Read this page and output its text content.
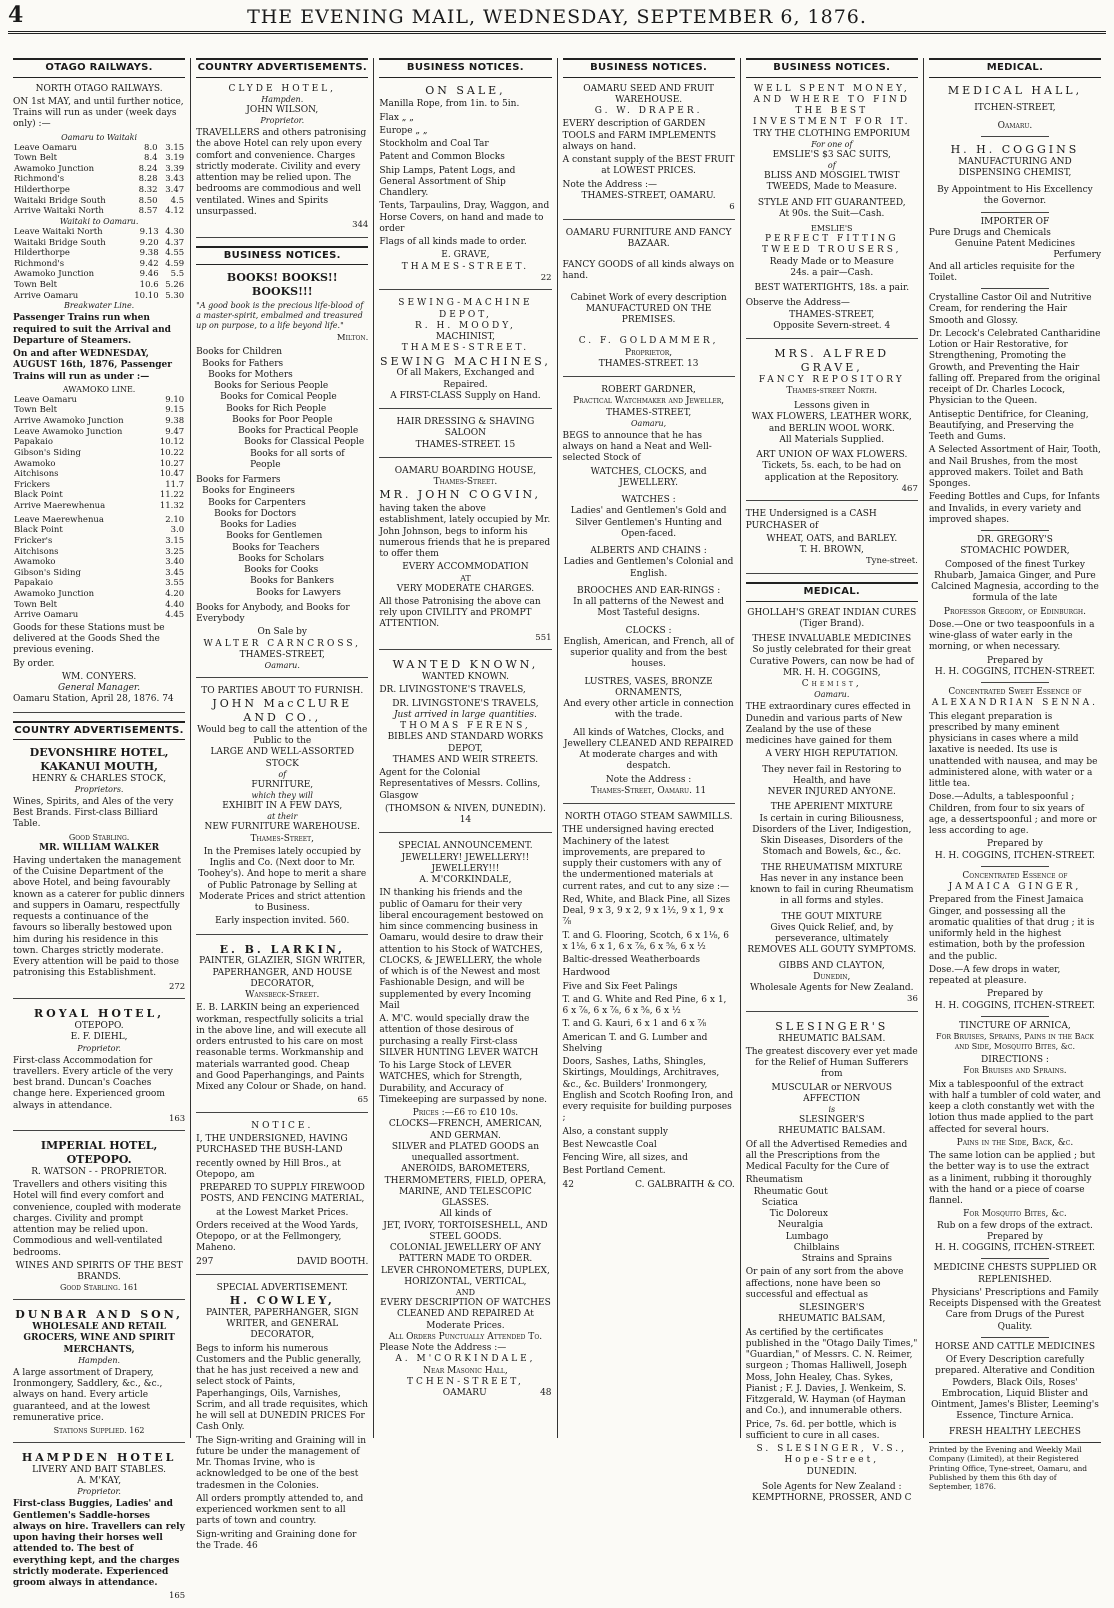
4	THE EVENING MAIL, WEDNESDAY, SEPTEMBER 6, 1876.
OTAGO RAILWAYS.
NORTH OTAGO RAILWAYS.
ON 1st MAY, and until further notice, Trains will run as under (week days only) :—
Oamaru to Waitaki
Leave Oamaru	8.0	3.15
Town Belt	8.4	3.19
Awamoko Junction	8.24	3.39
Richmond's	8.28	3.43
Hilderthorpe	8.32	3.47
Waitaki Bridge South	8.50	4.5
Arrive Waitaki North	8.57	4.12
Waitaki to Oamaru.
Leave Waitaki North	9.13	4.30
Waitaki Bridge South	9.20	4.37
Hilderthorpe	9.38	4.55
Richmond's	9.42	4.59
Awamoko Junction	9.46	5.5
Town Belt	10.6	5.26
Arrive Oamaru	10.10	5.30
Breakwater Line.
Passenger Trains run when required to suit the Arrival and Departure of Steamers.
On and after WEDNESDAY, AUGUST 16th, 1876, Passenger Trains will run as under :—
AWAMOKO LINE.
Leave Oamaru	9.10
Town Belt	9.15
Arrive Awamoko Junction	9.38
Leave Awamoko Junction	9.47
Papakaio	10.12
Gibson's Siding	10.22
Awamoko	10.27
Aitchisons	10.47
Frickers	11.7
Black Point	11.22
Arrive Maerewhenua	11.32
Leave Maerewhenua	2.10
Black Point	3.0
Fricker's	3.15
Aitchisons	3.25
Awamoko	3.40
Gibson's Siding	3.45
Papakaio	3.55
Awamoko Junction	4.20
Town Belt	4.40
Arrive Oamaru	4.45
Goods for these Stations must be delivered at the Goods Shed the previous evening.
By order.
WM. CONYERS.
General Manager.
Oamaru Station, April 28, 1876. 74
COUNTRY ADVERTISEMENTS.
DEVONSHIRE HOTEL, KAKANUI MOUTH,
HENRY & CHARLES STOCK,
Proprietors.
Wines, Spirits, and Ales of the very Best Brands. First-class Billiard Table.
Good Stabling.
MR. WILLIAM WALKER
Having undertaken the management of the Cuisine Department of the above Hotel, and being favourably known as a caterer for public dinners and suppers in Oamaru, respectfully requests a continuance of the favours so liberally bestowed upon him during his residence in this town. Charges strictly moderate. Every attention will be paid to those patronising this Establishment.
272
ROYAL HOTEL,
OTEPOPO.
E. F. DIEHL,
Proprietor.
First-class Accommodation for travellers. Every article of the very best brand. Duncan's Coaches change here. Experienced groom always in attendance.
163
IMPERIAL HOTEL, OTEPOPO.
R. WATSON - - PROPRIETOR.
Travellers and others visiting this Hotel will find every comfort and convenience, coupled with moderate charges. Civility and prompt attention may be relied upon. Commodious and well-ventilated bedrooms.
WINES AND SPIRITS OF THE BEST BRANDS.
Good Stabling. 161
DUNBAR AND SON,
WHOLESALE AND RETAIL GROCERS, WINE AND SPIRIT MERCHANTS,
Hampden.
A large assortment of Drapery, Ironmongery, Saddlery, &c., &c., always on hand. Every article guaranteed, and at the lowest remunerative price.
Stations Supplied. 162
HAMPDEN HOTEL
LIVERY AND BAIT STABLES.
A. M'KAY,
Proprietor.
First-class Buggies, Ladies' and Gentlemen's Saddle-horses always on hire. Travellers can rely upon having their horses well attended to. The best of everything kept, and the charges strictly moderate. Experienced groom always in attendance.
165
COUNTRY ADVERTISEMENTS.
CLYDE HOTEL,
Hampden.
JOHN WILSON,
Proprietor.
TRAVELLERS and others patronising the above Hotel can rely upon every comfort and convenience. Charges strictly moderate. Civility and every attention may be relied upon. The bedrooms are commodious and well ventilated. Wines and Spirits unsurpassed.
344
BUSINESS NOTICES.
BOOKS! BOOKS!! BOOKS!!!
"A good book is the precious life-blood of a master-spirit, embalmed and treasured up on purpose, to a life beyond life."
Milton.
Books for Children
Books for Fathers
Books for Mothers
Books for Serious People
Books for Comical People
Books for Rich People
Books for Poor People
Books for Practical People
Books for Classical People
Books for all sorts of People
Books for Farmers
Books for Engineers
Books for Carpenters
Books for Doctors
Books for Ladies
Books for Gentlemen
Books for Teachers
Books for Scholars
Books for Cooks
Books for Bankers
Books for Lawyers
Books for Anybody, and Books for Everybody
On Sale by
WALTER CARNCROSS,
THAMES-STREET,
Oamaru.
TO PARTIES ABOUT TO FURNISH.
JOHN MacCLURE AND CO.,
Would beg to call the attention of the Public to the
LARGE AND WELL-ASSORTED STOCK
of
FURNITURE,
which they will
EXHIBIT IN A FEW DAYS,
at their
NEW FURNITURE WAREHOUSE.
Thames-Street,
In the Premises lately occupied by Inglis and Co. (Next door to Mr. Toohey's). And hope to merit a share of Public Patronage by Selling at Moderate Prices and strict attention to Business.
Early inspection invited. 560.
E. B. LARKIN,
PAINTER, GLAZIER, SIGN WRITER, PAPERHANGER, AND HOUSE DECORATOR,
Wansbeck-Street.
E. B. LARKIN being an experienced workman, respectfully solicits a trial in the above line, and will execute all orders entrusted to his care on most reasonable terms. Workmanship and materials warranted good. Cheap and Good Paperhangings, and Paints Mixed any Colour or Shade, on hand.
65
NOTICE.
I, THE UNDERSIGNED, HAVING PURCHASED THE BUSH-LAND
recently owned by Hill Bros., at Otepopo, am
PREPARED TO SUPPLY FIREWOOD POSTS, AND FENCING MATERIAL,
at the Lowest Market Prices.
Orders received at the Wood Yards, Otepopo, or at the Fellmongery, Maheno.
297	DAVID BOOTH.
SPECIAL ADVERTISEMENT.
H. COWLEY,
PAINTER, PAPERHANGER, SIGN WRITER, and GENERAL DECORATOR,
Begs to inform his numerous Customers and the Public generally, that he has just received a new and select stock of Paints, Paperhangings, Oils, Varnishes, Scrim, and all trade requisites, which he will sell at DUNEDIN PRICES For Cash Only.
The Sign-writing and Graining will in future be under the management of Mr. Thomas Irvine, who is acknowledged to be one of the best tradesmen in the Colonies.
All orders promptly attended to, and experienced workmen sent to all parts of town and country.
Sign-writing and Graining done for the Trade. 46
BUSINESS NOTICES.
ON SALE,
Manilla Rope, from 1in. to 5in.
Flax „ „
Europe „ „
Stockholm and Coal Tar
Patent and Common Blocks
Ship Lamps, Patent Logs, and General Assortment of Ship Chandlery.
Tents, Tarpaulins, Dray, Waggon, and Horse Covers, on hand and made to order
Flags of all kinds made to order.
E. GRAVE,
THAMES-STREET.
22
SEWING-MACHINE DEPOT,
R. H. MOODY,
MACHINIST,
THAMES-STREET.
SEWING MACHINES,
Of all Makers, Exchanged and Repaired.
A FIRST-CLASS Supply on Hand.
HAIR DRESSING & SHAVING SALOON
THAMES-STREET. 15
OAMARU BOARDING HOUSE,
Thames-Street.
MR. JOHN COGVIN,
having taken the above establishment, lately occupied by Mr. John Johnson, begs to inform his numerous friends that he is prepared to offer them
EVERY ACCOMMODATION
AT
VERY MODERATE CHARGES.
All those Patronising the above can rely upon CIVILITY and PROMPT ATTENTION.
551
WANTED KNOWN,
WANTED KNOWN.
DR. LIVINGSTONE'S TRAVELS,
DR. LIVINGSTONE'S TRAVELS,
Just arrived in large quantities.
THOMAS FERENS,
BIBLES AND STANDARD WORKS DEPOT,
THAMES AND WEIR STREETS.
Agent for the Colonial Representatives of Messrs. Collins, Glasgow
(THOMSON & NIVEN, DUNEDIN). 14
SPECIAL ANNOUNCEMENT.
JEWELLERY! JEWELLERY!! JEWELLERY!!!
A. M'CORKINDALE,
IN thanking his friends and the public of Oamaru for their very liberal encouragement bestowed on him since commencing business in Oamaru, would desire to draw their attention to his Stock of WATCHES, CLOCKS, & JEWELLERY, the whole of which is of the Newest and most Fashionable Design, and will be supplemented by every Incoming Mail
A. M'C. would specially draw the attention of those desirous of purchasing a really First-class SILVER HUNTING LEVER WATCH
To his Large Stock of LEVER WATCHES, which for Strength, Durability, and Accuracy of Timekeeping are surpassed by none.
Prices :—£6 to £10 10s.
CLOCKS—FRENCH, AMERICAN, AND GERMAN.
SILVER and PLATED GOODS an unequalled assortment.
ANEROIDS, BAROMETERS, THERMOMETERS, FIELD, OPERA, MARINE, AND TELESCOPIC GLASSES.
All kinds of
JET, IVORY, TORTOISESHELL, AND STEEL GOODS.
COLONIAL JEWELLERY OF ANY PATTERN MADE TO ORDER.
LEVER CHRONOMETERS, DUPLEX, HORIZONTAL, VERTICAL,
AND
EVERY DESCRIPTION OF WATCHES CLEANED AND REPAIRED At Moderate Prices.
All Orders Punctually Attended To.
Please Note the Address :—
A. M'CORKINDALE,
Near Masonic Hall,
TCHEN-STREET,
OAMARU	48
BUSINESS NOTICES.
OAMARU SEED AND FRUIT WAREHOUSE.
G. W. DRAPER.
EVERY description of GARDEN TOOLS and FARM IMPLEMENTS always on hand.
A constant supply of the BEST FRUIT at LOWEST PRICES.
Note the Address :—
THAMES-STREET, OAMARU.
6
OAMARU FURNITURE AND FANCY BAZAAR.
FANCY GOODS of all kinds always on hand.
Cabinet Work of every description
MANUFACTURED ON THE PREMISES.
C. F. GOLDAMMER,
Proprietor,
THAMES-STREET. 13
ROBERT GARDNER,
Practical Watchmaker and Jeweller,
THAMES-STREET,
Oamaru,
BEGS to announce that he has always on hand a Neat and Well-selected Stock of
WATCHES, CLOCKS, and JEWELLERY.
WATCHES :
Ladies' and Gentlemen's Gold and Silver Gentlemen's Hunting and Open-faced.
ALBERTS AND CHAINS :
Ladies and Gentlemen's Colonial and English.
BROOCHES AND EAR-RINGS :
In all patterns of the Newest and Most Tasteful designs.
CLOCKS :
English, American, and French, all of superior quality and from the best houses.
LUSTRES, VASES, BRONZE ORNAMENTS,
And every other article in connection with the trade.
All kinds of Watches, Clocks, and Jewellery CLEANED AND REPAIRED At moderate charges and with despatch.
Note the Address :
Thames-Street, Oamaru. 11
NORTH OTAGO STEAM SAWMILLS.
THE undersigned having erected Machinery of the latest improvements, are prepared to supply their customers with any of the undermentioned materials at current rates, and cut to any size :—
Red, White, and Black Pine, all Sizes Deal, 9 x 3, 9 x 2, 9 x 1½, 9 x 1, 9 x ⅞
T. and G. Flooring, Scotch, 6 x 1⅛, 6 x 1⅛, 6 x 1, 6 x ⅞, 6 x ⅝, 6 x ½
Baltic-dressed Weatherboards
Hardwood
Five and Six Feet Palings
T. and G. White and Red Pine, 6 x 1, 6 x ⅞, 6 x ⅞, 6 x ⅝, 6 x ½
T. and G. Kauri, 6 x 1 and 6 x ⅞
American T. and G. Lumber and Shelving
Doors, Sashes, Laths, Shingles, Skirtings, Mouldings, Architraves, &c., &c. Builders' Ironmongery, English and Scotch Roofing Iron, and every requisite for building purposes ;
Also, a constant supply
Best Newcastle Coal
Fencing Wire, all sizes, and
Best Portland Cement.
42	C. GALBRAITH & CO.
BUSINESS NOTICES.
WELL SPENT MONEY, AND WHERE TO FIND THE BEST INVESTMENT FOR IT.
TRY THE CLOTHING EMPORIUM
For one of
EMSLIE'S $3 SAC SUITS,
of
BLISS AND MOSGIEL TWIST TWEEDS, Made to Measure.
STYLE AND FIT GUARANTEED,
At 90s. the Suit—Cash.
EMSLIE'S
PERFECT FITTING TWEED TROUSERS,
Ready Made or to Measure
24s. a pair—Cash.
BEST WATERTIGHTS, 18s. a pair.
Observe the Address—
THAMES-STREET,
Opposite Severn-street. 4
MRS. ALFRED GRAVE,
FANCY REPOSITORY
Thames-street North.
Lessons given in
WAX FLOWERS, LEATHER WORK, and BERLIN WOOL WORK.
All Materials Supplied.
ART UNION OF WAX FLOWERS.
Tickets, 5s. each, to be had on application at the Repository.
467
THE Undersigned is a CASH PURCHASER of
WHEAT, OATS, and BARLEY.
T. H. BROWN,
Tyne-street.
MEDICAL.
GHOLLAH'S GREAT INDIAN CURES
(Tiger Brand).
THESE INVALUABLE MEDICINES
So justly celebrated for their great Curative Powers, can now be had of
MR. H. H. COGGINS,
Chemist,
Oamaru.
THE extraordinary cures effected in Dunedin and various parts of New Zealand by the use of these medicines have gained for them
A VERY HIGH REPUTATION.
They never fail in Restoring to Health, and have
NEVER INJURED ANYONE.
THE APERIENT MIXTURE
Is certain in curing Biliousness, Disorders of the Liver, Indigestion, Skin Diseases, Disorders of the Stomach and Bowels, &c., &c.
THE RHEUMATISM MIXTURE
Has never in any instance been known to fail in curing Rheumatism in all forms and styles.
THE GOUT MIXTURE
Gives Quick Relief, and, by perseverance, ultimately
REMOVES ALL GOUTY SYMPTOMS.
GIBBS AND CLAYTON,
Dunedin,
Wholesale Agents for New Zealand.
36
SLESINGER'S
RHEUMATIC BALSAM.
The greatest discovery ever yet made for the Relief of Human Sufferers from
MUSCULAR or NERVOUS AFFECTION
is
SLESINGER'S
RHEUMATIC BALSAM.
Of all the Advertised Remedies and all the Prescriptions from the Medical Faculty for the Cure of
Rheumatism
Rheumatic Gout
Sciatica
Tic Doloreux
Neuralgia
Lumbago
Chilblains
Strains and Sprains
Or pain of any sort from the above affections, none have been so successful and effectual as
SLESINGER'S
RHEUMATIC BALSAM,
As certified by the certificates published in the "Otago Daily Times," "Guardian," of Messrs. C. N. Reimer, surgeon ; Thomas Halliwell, Joseph Moss, John Healey, Chas. Sykes, Pianist ; F. J. Davies, J. Wenkeim, S. Fitzgerald, W. Hayman (of Hayman and Co.), and innumerable others.
Price, 7s. 6d. per bottle, which is sufficient to cure in all cases.
S. SLESINGER, V.S.,
Hope-Street,
DUNEDIN.
Sole Agents for New Zealand :
KEMPTHORNE, PROSSER, AND C
MEDICAL.
MEDICAL HALL,
ITCHEN-STREET,
Oamaru.
H. H. COGGINS
MANUFACTURING AND DISPENSING CHEMIST,
By Appointment to His Excellency the Governor.
IMPORTER OF
Pure Drugs and Chemicals
Genuine Patent Medicines
Perfumery
And all articles requisite for the Toilet.
Crystalline Castor Oil and Nutritive Cream, for rendering the Hair Smooth and Glossy.
Dr. Lecock's Celebrated Cantharidine Lotion or Hair Restorative, for Strengthening, Promoting the Growth, and Preventing the Hair falling off. Prepared from the original receipt of Dr. Charles Locock, Physician to the Queen.
Antiseptic Dentifrice, for Cleaning, Beautifying, and Preserving the Teeth and Gums.
A Selected Assortment of Hair, Tooth, and Nail Brushes, from the most approved makers. Toilet and Bath Sponges.
Feeding Bottles and Cups, for Infants and Invalids, in every variety and improved shapes.
DR. GREGORY'S
STOMACHIC POWDER,
Composed of the finest Turkey Rhubarb, Jamaica Ginger, and Pure Calcined Magnesia, according to the formula of the late
Professor Gregory, of Edinburgh.
Dose.—One or two teaspoonfuls in a wine-glass of water early in the morning, or when necessary.
Prepared by
H. H. COGGINS, ITCHEN-STREET.
Concentrated Sweet Essence of
ALEXANDRIAN SENNA.
This elegant preparation is prescribed by many eminent physicians in cases where a mild laxative is needed. Its use is unattended with nausea, and may be administered alone, with water or a little tea.
Dose.—Adults, a tablespoonful ; Children, from four to six years of age, a dessertspoonful ; and more or less according to age.
Prepared by
H. H. COGGINS, ITCHEN-STREET.
Concentrated Essence of
JAMAICA GINGER,
Prepared from the Finest Jamaica Ginger, and possessing all the aromatic qualities of that drug ; it is uniformly held in the highest estimation, both by the profession and the public.
Dose.—A few drops in water, repeated at pleasure.
Prepared by
H. H. COGGINS, ITCHEN-STREET.
TINCTURE OF ARNICA,
For Bruises, Sprains, Pains in the Back and Side, Mosquito Bites, &c.
DIRECTIONS :
For Bruises and Sprains.
Mix a tablespoonful of the extract with half a tumbler of cold water, and keep a cloth constantly wet with the lotion thus made applied to the part affected for several hours.
Pains in the Side, Back, &c.
The same lotion can be applied ; but the better way is to use the extract as a liniment, rubbing it thoroughly with the hand or a piece of coarse flannel.
For Mosquito Bites, &c.
Rub on a few drops of the extract.
Prepared by
H. H. COGGINS, ITCHEN-STREET.
MEDICINE CHESTS SUPPLIED OR REPLENISHED.
Physicians' Prescriptions and Family Receipts Dispensed with the Greatest Care from Drugs of the Purest Quality.
HORSE AND CATTLE MEDICINES
Of Every Description carefully prepared. Alterative and Condition Powders, Black Oils, Roses' Embrocation, Liquid Blister and Ointment, James's Blister, Leeming's Essence, Tincture Arnica.
FRESH HEALTHY LEECHES
Printed by the Evening and Weekly Mail Company (Limited), at their Registered Printing Office, Tyne-street, Oamaru, and Published by them this 6th day of September, 1876.
